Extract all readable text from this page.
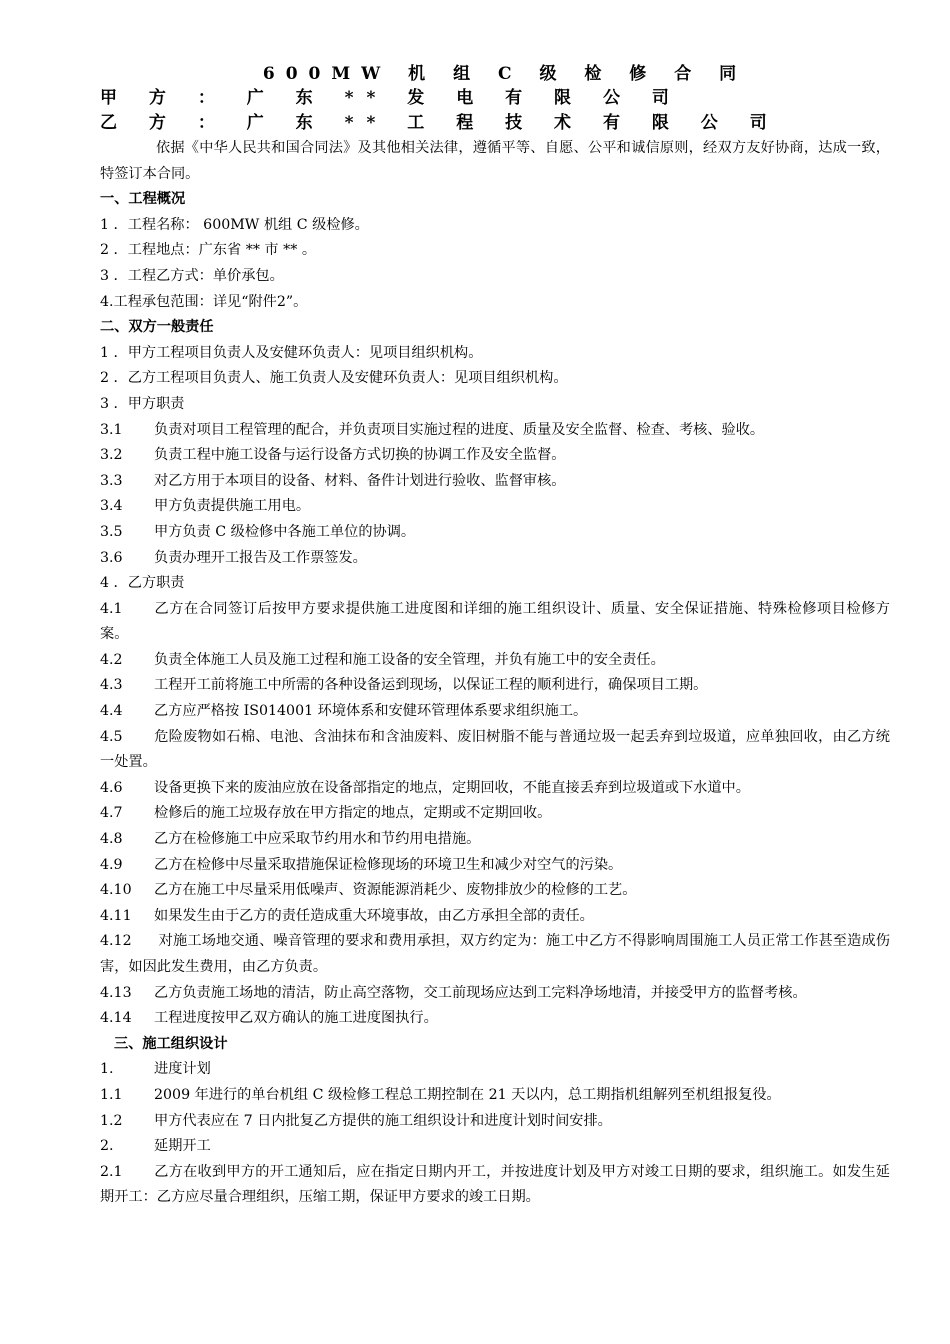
600MW 机 组 C 级 检 修 合 同
甲 方 ： 广 东 ** 发 电 有 限 公 司
乙 方 ： 广 东 ** 工 程 技 术 有 限 公 司
依据《中华人民共和国合同法》及其他相关法律，遵循平等、自愿、公平和诚信原则，经双方友好协商，达成一致，特签订本合同。
一、工程概况
1 ．工程名称： 600MW 机组 C 级检修。
2 ．工程地点：广东省 ** 市 ** 。
3 ．工程乙方式：单价承包。
4.工程承包范围：详见“附件2”。
二、双方一般责任
1 ．甲方工程项目负责人及安健环负责人：见项目组织机构。
2 ．乙方工程项目负责人、施工负责人及安健环负责人：见项目组织机构。
3 ．甲方职责
3.1 负责对项目工程管理的配合，并负责项目实施过程的进度、质量及安全监督、检查、考核、验收。
3.2 负责工程中施工设备与运行设备方式切换的协调工作及安全监督。
3.3 对乙方用于本项目的设备、材料、备件计划进行验收、监督审核。
3.4 甲方负责提供施工用电。
3.5 甲方负责 C 级检修中各施工单位的协调。
3.6 负责办理开工报告及工作票签发。
4 ．乙方职责
4.1 乙方在合同签订后按甲方要求提供施工进度图和详细的施工组织设计、质量、安全保证措施、特殊检修项目检修方案。
4.2 负责全体施工人员及施工过程和施工设备的安全管理，并负有施工中的安全责任。
4.3 工程开工前将施工中所需的各种设备运到现场，以保证工程的顺利进行，确保项目工期。
4.4 乙方应严格按 IS014001 环境体系和安健环管理体系要求组织施工。
4.5 危险废物如石棉、电池、含油抹布和含油废料、废旧树脂不能与普通垃圾一起丢弃到垃圾道，应单独回收，由乙方统一处置。
4.6 设备更换下来的废油应放在设备部指定的地点，定期回收，不能直接丢弃到垃圾道或下水道中。
4.7 检修后的施工垃圾存放在甲方指定的地点，定期或不定期回收。
4.8 乙方在检修施工中应采取节约用水和节约用电措施。
4.9 乙方在检修中尽量采取措施保证检修现场的环境卫生和减少对空气的污染。
4.10 乙方在施工中尽量采用低噪声、资源能源消耗少、废物排放少的检修的工艺。
4.11 如果发生由于乙方的责任造成重大环境事故，由乙方承担全部的责任。
4.12 对施工场地交通、噪音管理的要求和费用承担，双方约定为：施工中乙方不得影响周围施工人员正常工作甚至造成伤害，如因此发生费用，由乙方负责。
4.13 乙方负责施工场地的清洁，防止高空落物，交工前现场应达到工完料净场地清，并接受甲方的监督考核。
4.14 工程进度按甲乙双方确认的施工进度图执行。
三、施工组织设计
1.	进度计划
1.1 2009 年进行的单台机组 C 级检修工程总工期控制在 21 天以内，总工期指机组解列至机组报复役。
1.2 甲方代表应在 7 日内批复乙方提供的施工组织设计和进度计划时间安排。
2.	延期开工
2.1 乙方在收到甲方的开工通知后，应在指定日期内开工，并按进度计划及甲方对竣工日期的要求，组织施工。如发生延期开工：乙方应尽量合理组织，压缩工期，保证甲方要求的竣工日期。
